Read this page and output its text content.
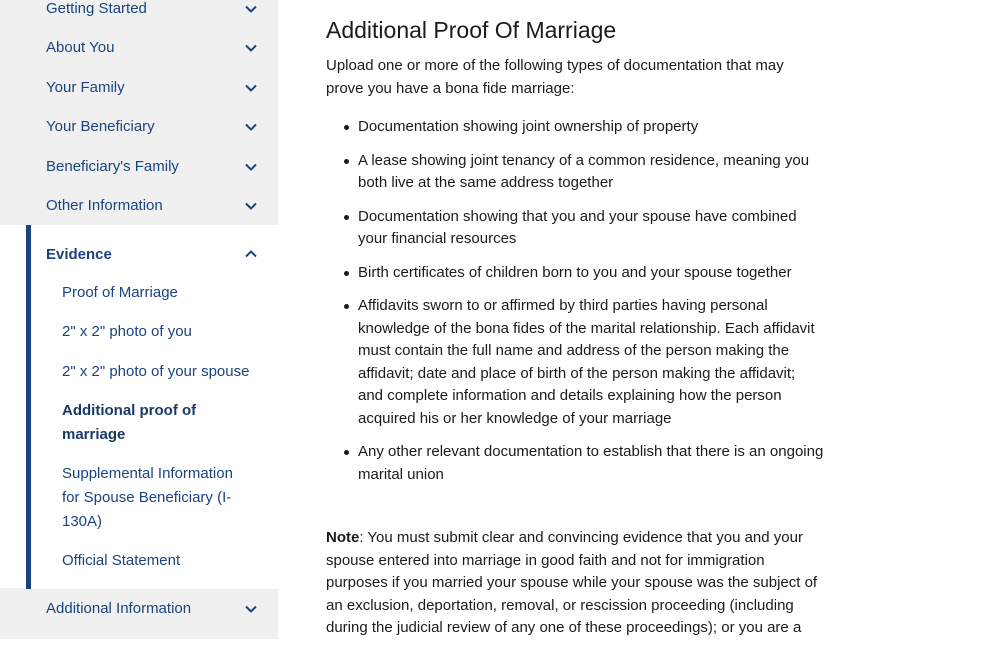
Getting Started
About You
Your Family
Your Beneficiary
Beneficiary's Family
Other Information
Evidence
Proof of Marriage
2" x 2" photo of you
2" x 2" photo of your spouse
Additional proof of marriage
Supplemental Information for Spouse Beneficiary (I-130A)
Official Statement
Additional Information
Additional Proof Of Marriage

Upload one or more of the following types of documentation that may prove you have a bona fide marriage:

Documentation showing joint ownership of property
A lease showing joint tenancy of a common residence, meaning you both live at the same address together
Documentation showing that you and your spouse have combined your financial resources
Birth certificates of children born to you and your spouse together
Affidavits sworn to or affirmed by third parties having personal knowledge of the bona fides of the marital relationship. Each affidavit must contain the full name and address of the person making the affidavit; date and place of birth of the person making the affidavit; and complete information and details explaining how the person acquired his or her knowledge of your marriage
Any other relevant documentation to establish that there is an ongoing marital union

Note: You must submit clear and convincing evidence that you and your spouse entered into marriage in good faith and not for immigration purposes if you married your spouse while your spouse was the subject of an exclusion, deportation, removal, or rescission proceeding (including during the judicial review of any one of these proceedings); or you are a
